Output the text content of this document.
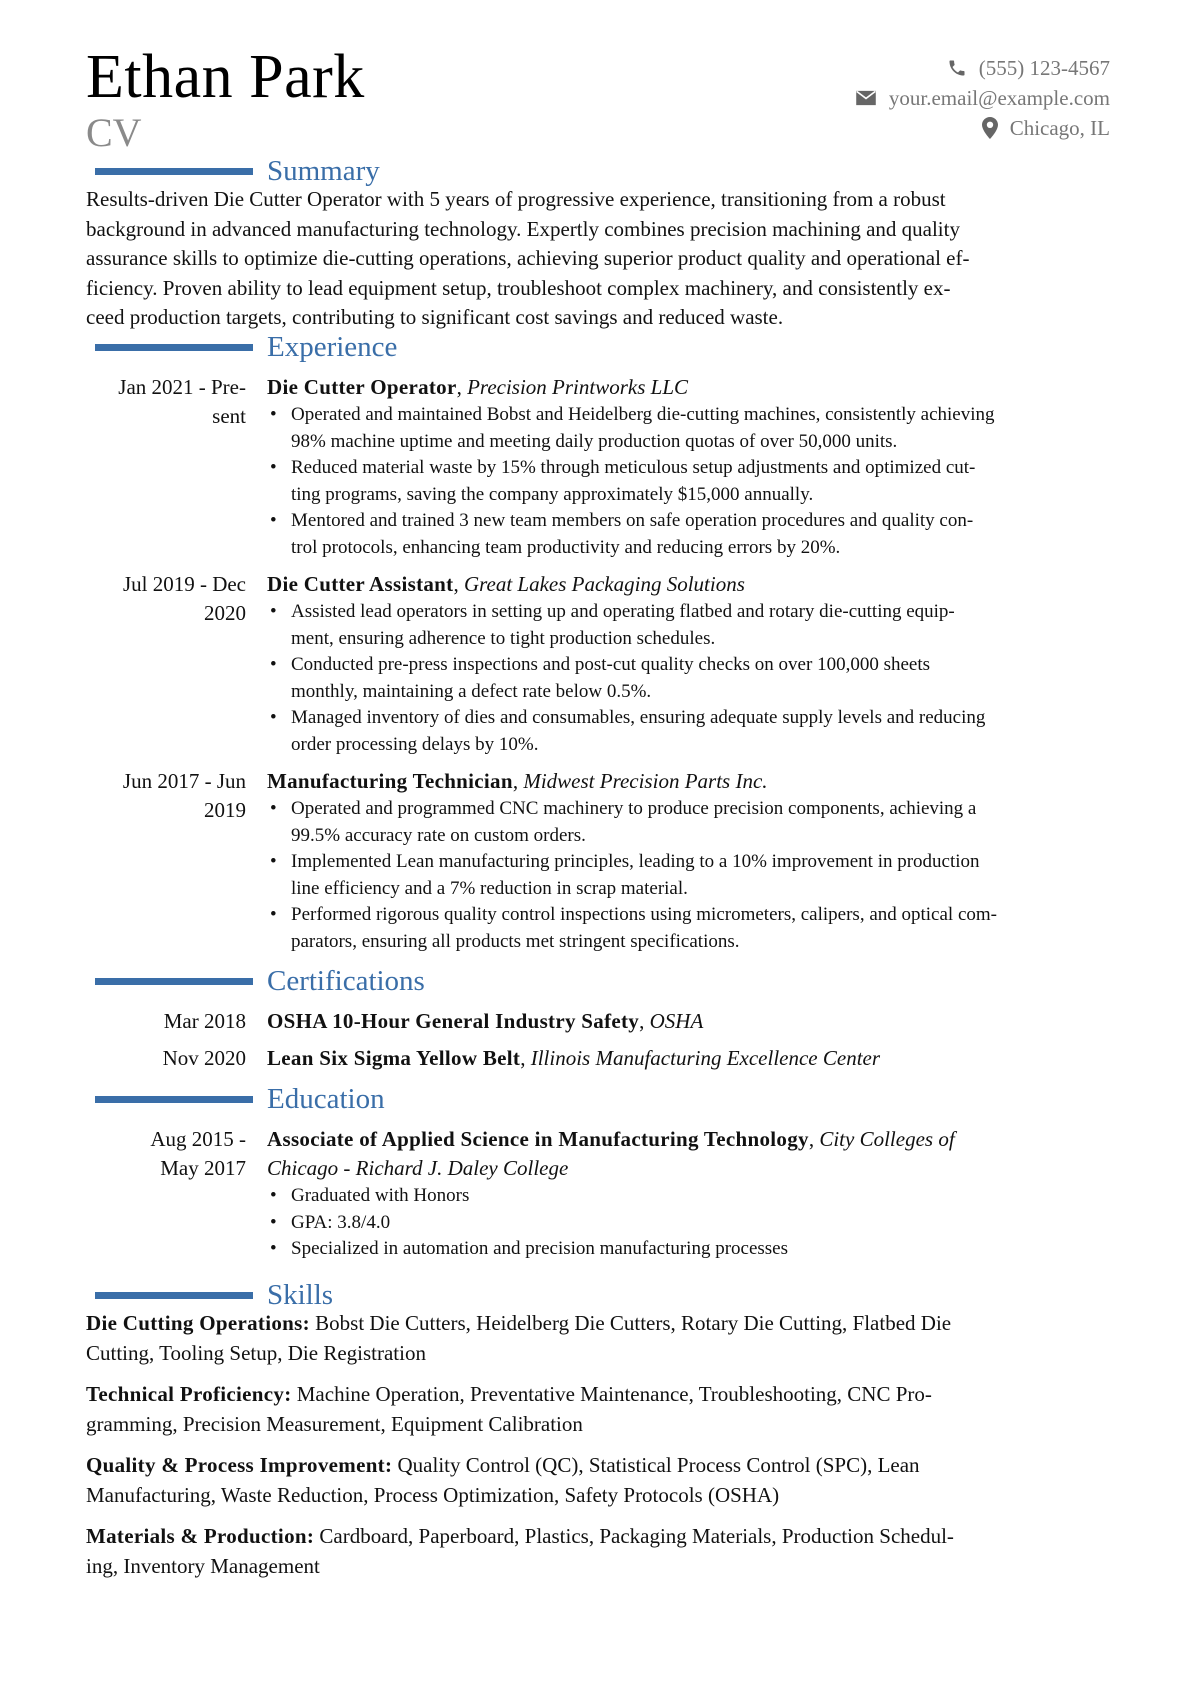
Ethan Park
CV
(555) 123-4567
your.email@example.com
Chicago, IL
Summary
Results-driven Die Cutter Operator with 5 years of progressive experience, transitioning from a robust
background in advanced manufacturing technology. Expertly combines precision machining and quality
assurance skills to optimize die-cutting operations, achieving superior product quality and operational ef-
ficiency. Proven ability to lead equipment setup, troubleshoot complex machinery, and consistently ex-
ceed production targets, contributing to significant cost savings and reduced waste.
Experience
Jan 2021 - Pre-
sent
Die Cutter Operator, Precision Printworks LLC
• Operated and maintained Bobst and Heidelberg die-cutting machines, consistently achieving
98% machine uptime and meeting daily production quotas of over 50,000 units.
• Reduced material waste by 15% through meticulous setup adjustments and optimized cut-
ting programs, saving the company approximately $15,000 annually.
• Mentored and trained 3 new team members on safe operation procedures and quality con-
trol protocols, enhancing team productivity and reducing errors by 20%.
Jul 2019 - Dec
2020
Die Cutter Assistant, Great Lakes Packaging Solutions
• Assisted lead operators in setting up and operating flatbed and rotary die-cutting equip-
ment, ensuring adherence to tight production schedules.
• Conducted pre-press inspections and post-cut quality checks on over 100,000 sheets
monthly, maintaining a defect rate below 0.5%.
• Managed inventory of dies and consumables, ensuring adequate supply levels and reducing
order processing delays by 10%.
Jun 2017 - Jun
2019
Manufacturing Technician, Midwest Precision Parts Inc.
• Operated and programmed CNC machinery to produce precision components, achieving a
99.5% accuracy rate on custom orders.
• Implemented Lean manufacturing principles, leading to a 10% improvement in production
line efficiency and a 7% reduction in scrap material.
• Performed rigorous quality control inspections using micrometers, calipers, and optical com-
parators, ensuring all products met stringent specifications.
Certifications
Mar 2018 OSHA 10-Hour General Industry Safety, OSHA
Nov 2020 Lean Six Sigma Yellow Belt, Illinois Manufacturing Excellence Center
Education
Aug 2015 -
May 2017
Associate of Applied Science in Manufacturing Technology, City Colleges of
Chicago - Richard J. Daley College
• Graduated with Honors
• GPA: 3.8/4.0
• Specialized in automation and precision manufacturing processes
Skills
Die Cutting Operations: Bobst Die Cutters, Heidelberg Die Cutters, Rotary Die Cutting, Flatbed Die
Cutting, Tooling Setup, Die Registration
Technical Proficiency: Machine Operation, Preventative Maintenance, Troubleshooting, CNC Pro-
gramming, Precision Measurement, Equipment Calibration
Quality & Process Improvement: Quality Control (QC), Statistical Process Control (SPC), Lean
Manufacturing, Waste Reduction, Process Optimization, Safety Protocols (OSHA)
Materials & Production: Cardboard, Paperboard, Plastics, Packaging Materials, Production Schedul-
ing, Inventory Management
